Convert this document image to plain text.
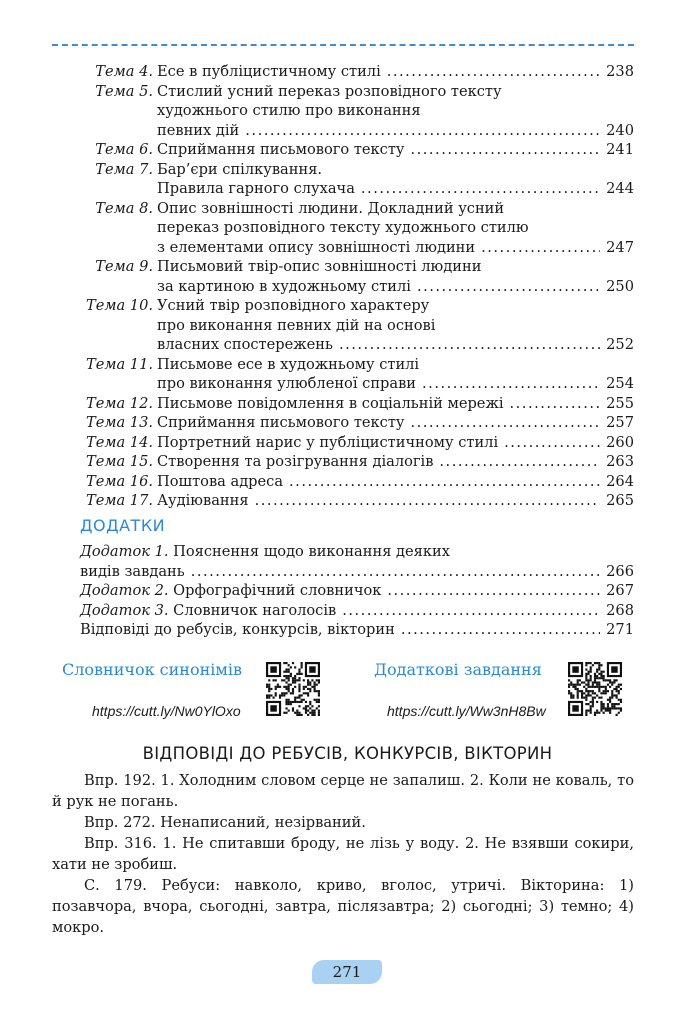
Тема 4. Есе в публіцистичному стилі .....	238
Тема 5. Стислий усний переказ розповідного тексту
художнього стилю про виконання
певних дій .....	240
Тема 6. Сприймання письмового тексту .....	241
Тема 7. Бар’єри спілкування.
Правила гарного слухача .....	244
Тема 8. Опис зовнішності людини. Докладний усний
переказ розповідного тексту художнього стилю
з елементами опису зовнішності людини .....	247
Тема 9. Письмовий твір-опис зовнішності людини
за картиною в художньому стилі .....	250
Тема 10. Усний твір розповідного характеру
про виконання певних дій на основі
власних спостережень .....	252
Тема 11. Письмове есе в художньому стилі
про виконання улюбленої справи .....	254
Тема 12. Письмове повідомлення в соціальній мережі .....	255
Тема 13. Сприймання письмового тексту .....	257
Тема 14. Портретний нарис у публіцистичному стилі .....	260
Тема 15. Створення та розігрування діалогів .....	263
Тема 16. Поштова адреса .....	264
Тема 17. Аудіювання .....	265
ДОДАТКИ
Додаток 1. Пояснення щодо виконання деяких
видів завдань .....	266
Додаток 2. Орфографічний словничок .....	267
Додаток 3. Словничок наголосів .....	268
Відповіді до ребусів, конкурсів, вікторин .....	271
Словничок синонімів
https://cutt.ly/Nw0YlOxo
Додаткові завдання
https://cutt.ly/Ww3nH8Bw
ВІДПОВІДІ ДО РЕБУСІВ, КОНКУРСІВ, ВІКТОРИН

Впр. 192. 1. Холодним словом серце не запалиш. 2. Коли не коваль, то й рук не погань.

Впр. 272. Ненаписаний, незірваний.

Впр. 316. 1. Не спитавши броду, не лізь у воду. 2. Не взявши сокири, хати не зробиш.

С. 179. Ребуси: навколо, криво, вголос, утричі. Вікторина: 1) позавчора, вчора, сьогодні, завтра, післязавтра; 2) сьогодні; 3) темно; 4) мокро.

271
